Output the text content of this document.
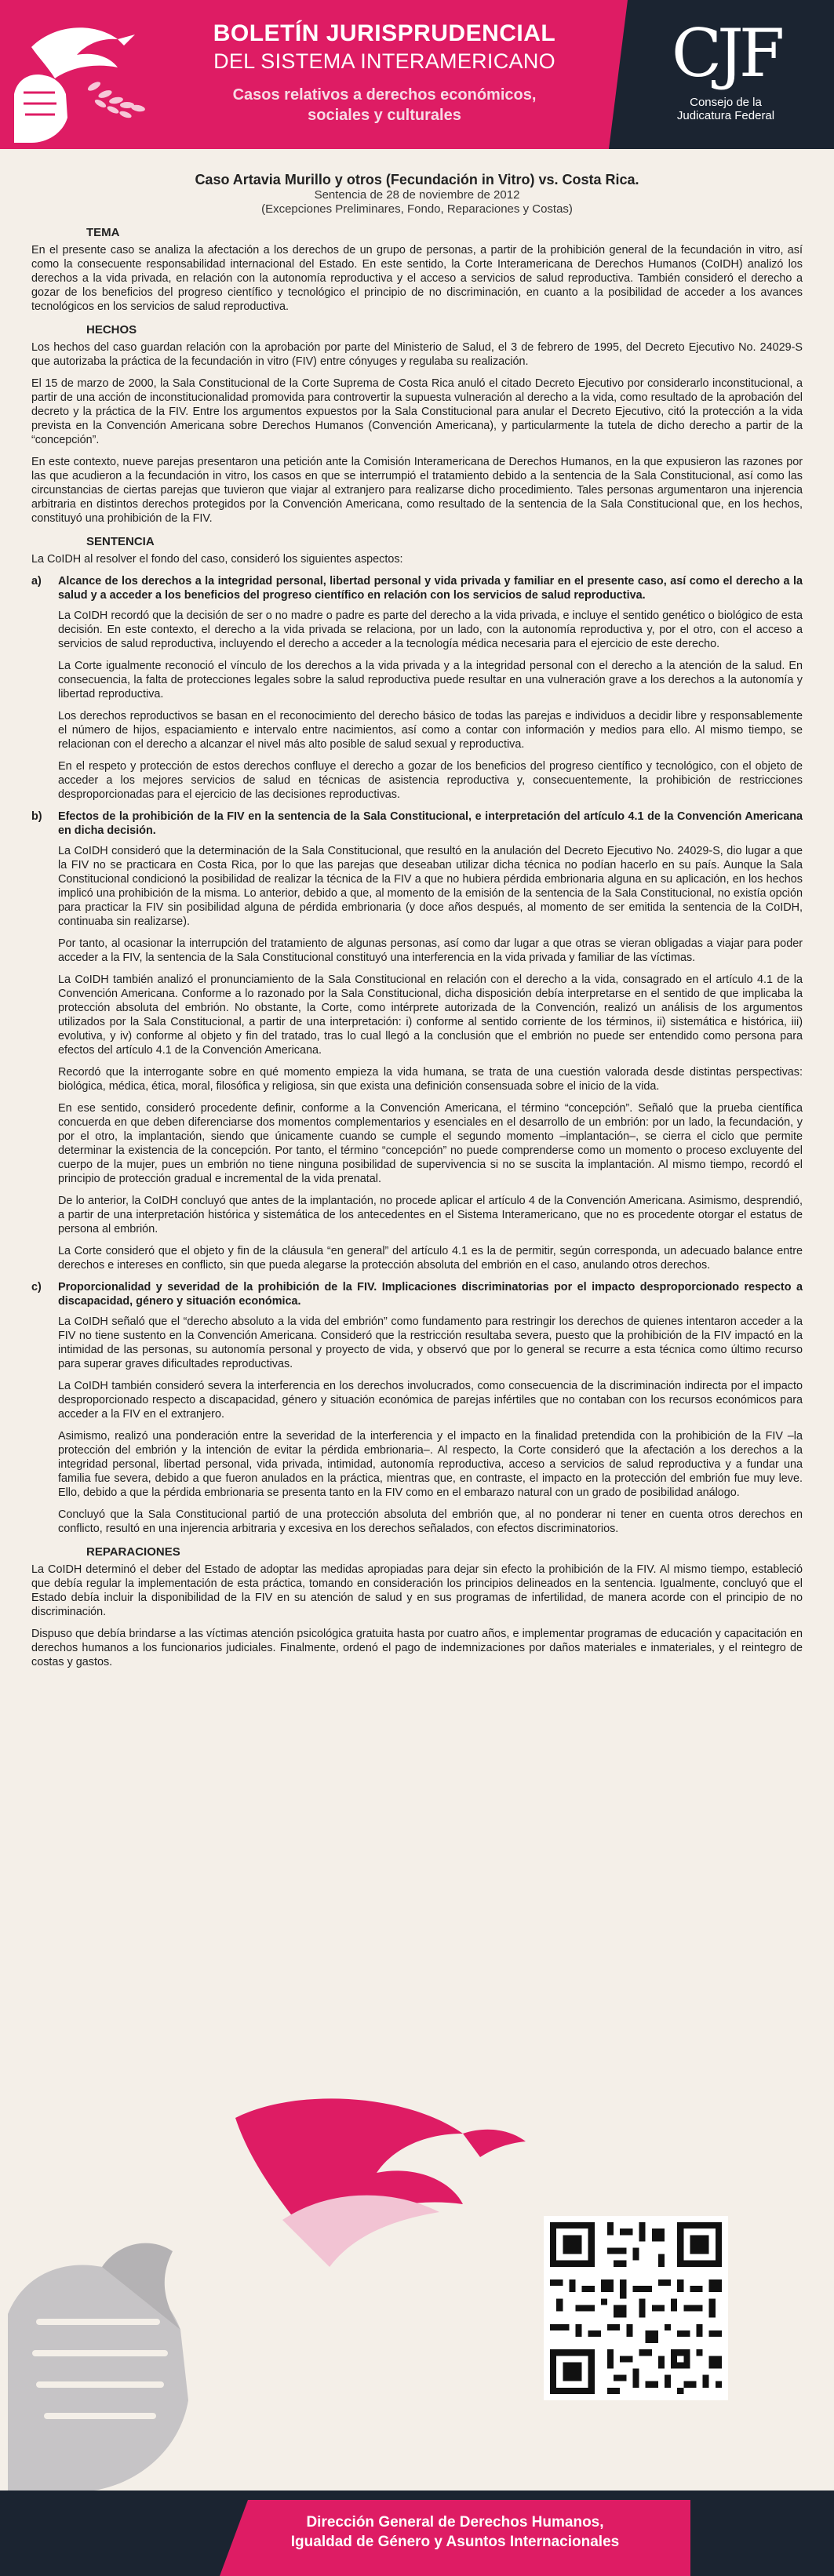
BOLETÍN JURISPRUDENCIAL
DEL SISTEMA INTERAMERICANO
Casos relativos a derechos económicos,
sociales y culturales
CJF
Consejo de la
Judicatura Federal
Caso Artavia Murillo y otros (Fecundación in Vitro) vs. Costa Rica.
Sentencia de 28 de noviembre de 2012
(Excepciones Preliminares, Fondo, Reparaciones y Costas)
TEMA

En el presente caso se analiza la afectación a los derechos de un grupo de personas, a partir de la prohibición general de la fecundación in vitro, así como la consecuente responsabilidad internacional del Estado. En este sentido, la Corte Interamericana de Derechos Humanos (CoIDH) analizó los derechos a la vida privada, en relación con la autonomía reproductiva y el acceso a servicios de salud reproductiva. También consideró el derecho a gozar de los beneficios del progreso científico y tecnológico el principio de no discriminación, en cuanto a la posibilidad de acceder a los avances tecnológicos en los servicios de salud reproductiva.

HECHOS

Los hechos del caso guardan relación con la aprobación por parte del Ministerio de Salud, el 3 de febrero de 1995, del Decreto Ejecutivo No. 24029-S que autorizaba la práctica de la fecundación in vitro (FIV) entre cónyuges y regulaba su realización.

El 15 de marzo de 2000, la Sala Constitucional de la Corte Suprema de Costa Rica anuló el citado Decreto Ejecutivo por considerarlo inconstitucional, a partir de una acción de inconstitucionalidad promovida para controvertir la supuesta vulneración al derecho a la vida, como resultado de la aprobación del decreto y la práctica de la FIV. Entre los argumentos expuestos por la Sala Constitucional para anular el Decreto Ejecutivo, citó la protección a la vida prevista en la Convención Americana sobre Derechos Humanos (Convención Americana), y particularmente la tutela de dicho derecho a partir de la “concepción”.

En este contexto, nueve parejas presentaron una petición ante la Comisión Interamericana de Derechos Humanos, en la que expusieron las razones por las que acudieron a la fecundación in vitro, los casos en que se interrumpió el tratamiento debido a la sentencia de la Sala Constitucional, así como las circunstancias de ciertas parejas que tuvieron que viajar al extranjero para realizarse dicho procedimiento. Tales personas argumentaron una injerencia arbitraria en distintos derechos protegidos por la Convención Americana, como resultado de la sentencia de la Sala Constitucional que, en los hechos, constituyó una prohibición de la FIV.

SENTENCIA

La CoIDH al resolver el fondo del caso, consideró los siguientes aspectos:

a)	Alcance de los derechos a la integridad personal, libertad personal y vida privada y familiar en el presente caso, así como el derecho a la salud y a acceder a los beneficios del progreso científico en relación con los servicios de salud reproductiva.

La CoIDH recordó que la decisión de ser o no madre o padre es parte del derecho a la vida privada, e incluye el sentido genético o biológico de esta decisión. En este contexto, el derecho a la vida privada se relaciona, por un lado, con la autonomía reproductiva y, por el otro, con el acceso a servicios de salud reproductiva, incluyendo el derecho a acceder a la tecnología médica necesaria para el ejercicio de este derecho.

La Corte igualmente reconoció el vínculo de los derechos a la vida privada y a la integridad personal con el derecho a la atención de la salud. En consecuencia, la falta de protecciones legales sobre la salud reproductiva puede resultar en una vulneración grave a los derechos a la autonomía y libertad reproductiva.

Los derechos reproductivos se basan en el reconocimiento del derecho básico de todas las parejas e individuos a decidir libre y responsablemente el número de hijos, espaciamiento e intervalo entre nacimientos, así como a contar con información y medios para ello. Al mismo tiempo, se relacionan con el derecho a alcanzar el nivel más alto posible de salud sexual y reproductiva.

En el respeto y protección de estos derechos confluye el derecho a gozar de los beneficios del progreso científico y tecnológico, con el objeto de acceder a los mejores servicios de salud en técnicas de asistencia reproductiva y, consecuentemente, la prohibición de restricciones desproporcionadas para el ejercicio de las decisiones reproductivas.

b)	Efectos de la prohibición de la FIV en la sentencia de la Sala Constitucional, e interpretación del artículo 4.1 de la Convención Americana en dicha decisión.

La CoIDH consideró que la determinación de la Sala Constitucional, que resultó en la anulación del Decreto Ejecutivo No. 24029-S, dio lugar a que la FIV no se practicara en Costa Rica, por lo que las parejas que deseaban utilizar dicha técnica no podían hacerlo en su país. Aunque la Sala Constitucional condicionó la posibilidad de realizar la técnica de la FIV a que no hubiera pérdida embrionaria alguna en su aplicación, en los hechos implicó una prohibición de la misma. Lo anterior, debido a que, al momento de la emisión de la sentencia de la Sala Constitucional, no existía opción para practicar la FIV sin posibilidad alguna de pérdida embrionaria (y doce años después, al momento de ser emitida la sentencia de la CoIDH, continuaba sin realizarse).

Por tanto, al ocasionar la interrupción del tratamiento de algunas personas, así como dar lugar a que otras se vieran obligadas a viajar para poder acceder a la FIV, la sentencia de la Sala Constitucional constituyó una interferencia en la vida privada y familiar de las víctimas.

La CoIDH también analizó el pronunciamiento de la Sala Constitucional en relación con el derecho a la vida, consagrado en el artículo 4.1 de la Convención Americana. Conforme a lo razonado por la Sala Constitucional, dicha disposición debía interpretarse en el sentido de que implicaba la protección absoluta del embrión. No obstante, la Corte, como intérprete autorizada de la Convención, realizó un análisis de los argumentos utilizados por la Sala Constitucional, a partir de una interpretación: i) conforme al sentido corriente de los términos, ii) sistemática e histórica, iii) evolutiva, y iv) conforme al objeto y fin del tratado, tras lo cual llegó a la conclusión que el embrión no puede ser entendido como persona para efectos del artículo 4.1 de la Convención Americana.

Recordó que la interrogante sobre en qué momento empieza la vida humana, se trata de una cuestión valorada desde distintas perspectivas: biológica, médica, ética, moral, filosófica y religiosa, sin que exista una definición consensuada sobre el inicio de la vida.

En ese sentido, consideró procedente definir, conforme a la Convención Americana, el término “concepción”. Señaló que la prueba científica concuerda en que deben diferenciarse dos momentos complementarios y esenciales en el desarrollo de un embrión: por un lado, la fecundación, y por el otro, la implantación, siendo que únicamente cuando se cumple el segundo momento –implantación–, se cierra el ciclo que permite determinar la existencia de la concepción. Por tanto, el término “concepción” no puede comprenderse como un momento o proceso excluyente del cuerpo de la mujer, pues un embrión no tiene ninguna posibilidad de supervivencia si no se suscita la implantación. Al mismo tiempo, recordó el principio de protección gradual e incremental de la vida prenatal.

De lo anterior, la CoIDH concluyó que antes de la implantación, no procede aplicar el artículo 4 de la Convención Americana. Asimismo, desprendió, a partir de una interpretación histórica y sistemática de los antecedentes en el Sistema Interamericano, que no es procedente otorgar el estatus de persona al embrión.

La Corte consideró que el objeto y fin de la cláusula “en general” del artículo 4.1 es la de permitir, según corresponda, un adecuado balance entre derechos e intereses en conflicto, sin que pueda alegarse la protección absoluta del embrión en el caso, anulando otros derechos.

c)	Proporcionalidad y severidad de la prohibición de la FIV. Implicaciones discriminatorias por el impacto desproporcionado respecto a discapacidad, género y situación económica.

La CoIDH señaló que el “derecho absoluto a la vida del embrión” como fundamento para restringir los derechos de quienes intentaron acceder a la FIV no tiene sustento en la Convención Americana. Consideró que la restricción resultaba severa, puesto que la prohibición de la FIV impactó en la intimidad de las personas, su autonomía personal y proyecto de vida, y observó que por lo general se recurre a esta técnica como último recurso para superar graves dificultades reproductivas.

La CoIDH también consideró severa la interferencia en los derechos involucrados, como consecuencia de la discriminación indirecta por el impacto desproporcionado respecto a discapacidad, género y situación económica de parejas infértiles que no contaban con los recursos económicos para acceder a la FIV en el extranjero.

Asimismo, realizó una ponderación entre la severidad de la interferencia y el impacto en la finalidad pretendida con la prohibición de la FIV –la protección del embrión y la intención de evitar la pérdida embrionaria–. Al respecto, la Corte consideró que la afectación a los derechos a la integridad personal, libertad personal, vida privada, intimidad, autonomía reproductiva, acceso a servicios de salud reproductiva y a fundar una familia fue severa, debido a que fueron anulados en la práctica, mientras que, en contraste, el impacto en la protección del embrión fue muy leve. Ello, debido a que la pérdida embrionaria se presenta tanto en la FIV como en el embarazo natural con un grado de posibilidad análogo.

Concluyó que la Sala Constitucional partió de una protección absoluta del embrión que, al no ponderar ni tener en cuenta otros derechos en conflicto, resultó en una injerencia arbitraria y excesiva en los derechos señalados, con efectos discriminatorios.

REPARACIONES

La CoIDH determinó el deber del Estado de adoptar las medidas apropiadas para dejar sin efecto la prohibición de la FIV. Al mismo tiempo, estableció que debía regular la implementación de esta práctica, tomando en consideración los principios delineados en la sentencia. Igualmente, concluyó que el Estado debía incluir la disponibilidad de la FIV en su atención de salud y en sus programas de infertilidad, de manera acorde con el principio de no discriminación.

Dispuso que debía brindarse a las víctimas atención psicológica gratuita hasta por cuatro años, e implementar programas de educación y capacitación en derechos humanos a los funcionarios judiciales. Finalmente, ordenó el pago de indemnizaciones por daños materiales e inmateriales, y el reintegro de costas y gastos.

Dirección General de Derechos Humanos,
Igualdad de Género y Asuntos Internacionales
